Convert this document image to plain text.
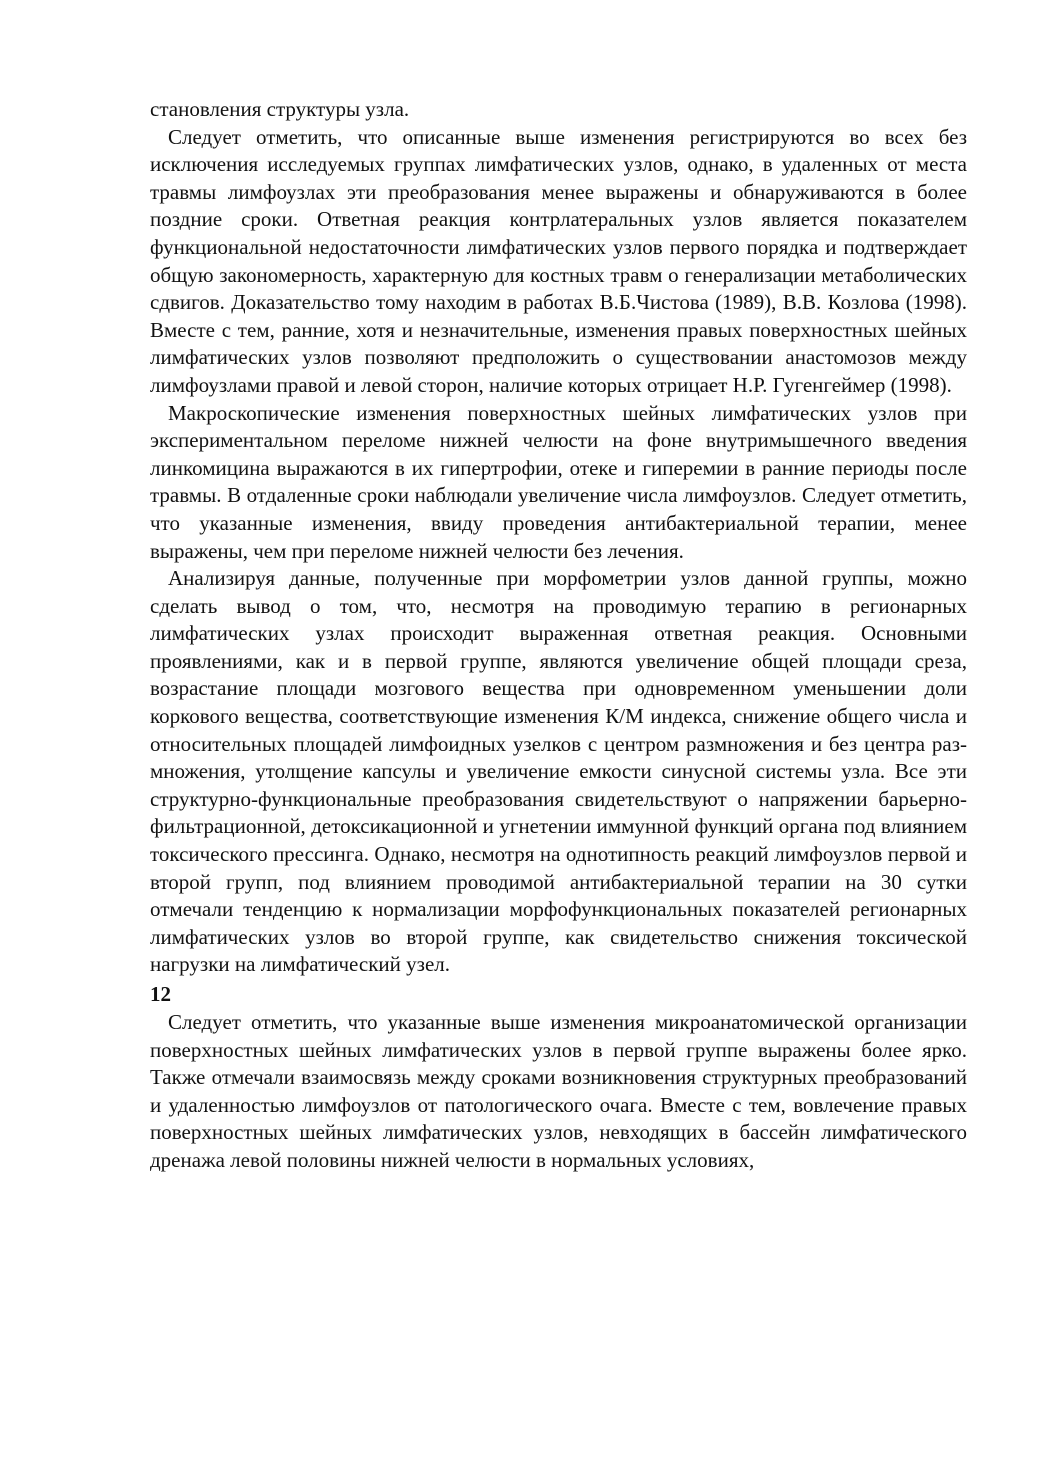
становления структуры узла.

Следует отметить, что описанные выше изменения регистрируются во всех без исключения исследуемых группах лимфатических узлов, однако, в удаленных от места травмы лимфоузлах эти преобразования менее выражены и обнаруживаются в более поздние сроки. Ответная реакция контрлатеральных узлов является показателем функциональной недостаточности лимфатических узлов первого порядка и подтверждает общую закономерность, характерную для костных травм о генерализации метаболических сдвигов. Доказательство тому находим в работах В.Б.Чистова (1989), В.В. Козлова (1998). Вместе с тем, ранние, хотя и незначительные, изменения правых поверхностных шейных лимфатических узлов позволяют предположить о существовании анастомозов между лимфоузлами правой и левой сторон, наличие которых отрицает Н.Р. Гугенгеймер (1998).

Макроскопические изменения поверхностных шейных лимфатических узлов при экспериментальном переломе нижней челюсти на фоне внутримышечного введения линкомицина выражаются в их гипертрофии, отеке и гиперемии в ранние периоды после травмы. В отдаленные сроки наблюдали увеличение числа лимфоузлов. Следует отметить, что указанные изменения, ввиду проведения антибактериальной терапии, менее выражены, чем при переломе нижней челюсти без лечения.

Анализируя данные, полученные при морфометрии узлов данной группы, можно сделать вывод о том, что, несмотря на проводимую терапию в регионарных лимфатических узлах происходит выраженная ответная реакция. Основными проявлениями, как и в первой группе, являются увеличение общей площади среза, возрастание площади мозгового вещества при одновременном уменьшении доли коркового вещества, соответствующие изменения К/М индекса, снижение общего числа и относительных площадей лимфоидных узелков с центром размножения и без центра размножения, утолщение капсулы и увеличение емкости синусной системы узла. Все эти структурно-функциональные преобразования свидетельствуют о напряжении барьерно-фильтрационной, детоксикационной и угнетении иммунной функций органа под влиянием токсического прессинга. Однако, несмотря на однотипность реакций лимфоузлов первой и второй групп, под влиянием проводимой антибактериальной терапии на 30 сутки отмечали тенденцию к нормализации морфофункциональных показателей регионарных лимфатических узлов во второй группе, как свидетельство снижения токсической нагрузки на лимфатический узел.

12

Следует отметить, что указанные выше изменения микроанатомической организации поверхностных шейных лимфатических узлов в первой группе выражены более ярко. Также отмечали взаимосвязь между сроками возникновения структурных преобразований и удаленностью лимфоузлов от патологического очага. Вместе с тем, вовлечение правых поверхностных шейных лимфатических узлов, невходящих в бассейн лимфатического дренажа левой половины нижней челюсти в нормальных условиях,
